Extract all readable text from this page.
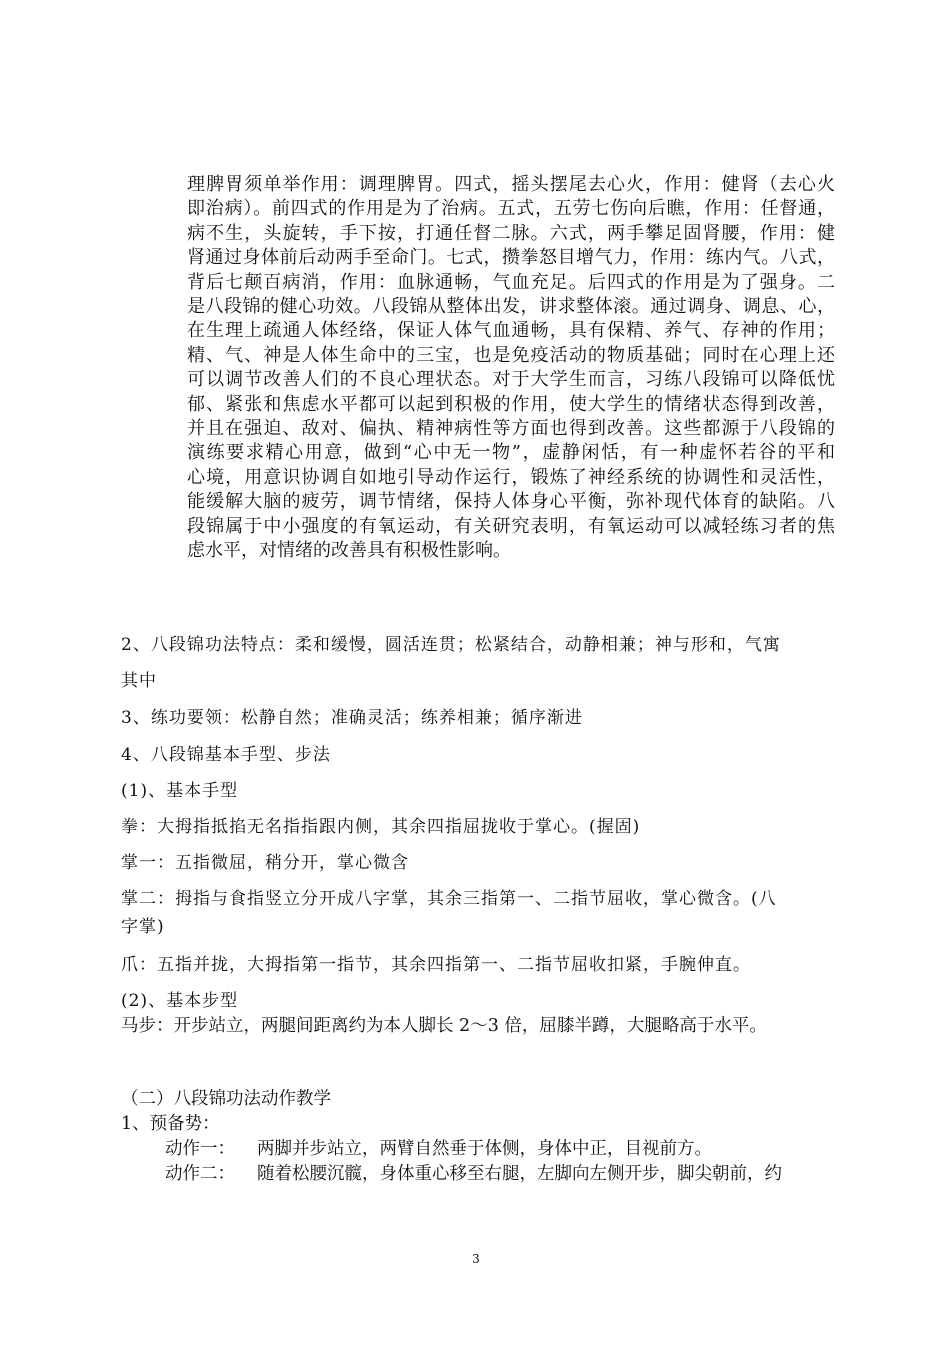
理脾胃须单举作用：调理脾胃。四式，摇头摆尾去心火，作用：健肾（去心火
即治病）。前四式的作用是为了治病。五式，五劳七伤向后瞧，作用：任督通，
病不生，头旋转，手下按，打通任督二脉。六式，两手攀足固肾腰，作用：健
肾通过身体前后动两手至命门。七式，攒拳怒目增气力，作用：练内气。八式，
背后七颠百病消，作用：血脉通畅，气血充足。后四式的作用是为了强身。二
是八段锦的健心功效。八段锦从整体出发，讲求整体滚。通过调身、调息、心，
在生理上疏通人体经络，保证人体气血通畅，具有保精、养气、存神的作用；
精、气、神是人体生命中的三宝，也是免疫活动的物质基础；同时在心理上还
可以调节改善人们的不良心理状态。对于大学生而言，习练八段锦可以降低忧
郁、紧张和焦虑水平都可以起到积极的作用，使大学生的情绪状态得到改善，
并且在强迫、敌对、偏执、精神病性等方面也得到改善。这些都源于八段锦的
演练要求精心用意，做到“心中无一物”，虚静闲恬，有一种虚怀若谷的平和
心境，用意识协调自如地引导动作运行，锻炼了神经系统的协调性和灵活性，
能缓解大脑的疲劳，调节情绪，保持人体身心平衡，弥补现代体育的缺陷。八
段锦属于中小强度的有氧运动，有关研究表明，有氧运动可以减轻练习者的焦
虑水平，对情绪的改善具有积极性影响。

2、八段锦功法特点：柔和缓慢，圆活连贯；松紧结合，动静相兼；神与形和，气寓

其中

3、练功要领：松静自然；准确灵活；练养相兼；循序渐进

4、八段锦基本手型、步法

(1)、基本手型

拳：大拇指抵掐无名指指跟内侧，其余四指屈拢收于掌心。(握固)

掌一：五指微屈，稍分开，掌心微含

掌二：拇指与食指竖立分开成八字掌，其余三指第一、二指节屈收，掌心微含。(八

字掌)

爪：五指并拢，大拇指第一指节，其余四指第一、二指节屈收扣紧，手腕伸直。

(2)、基本步型

马步：开步站立，两腿间距离约为本人脚长 2～3 倍，屈膝半蹲，大腿略高于水平。

（二）八段锦功法动作教学

1、预备势：

动作一： 两脚并步站立，两臂自然垂于体侧，身体中正，目视前方。

动作二： 随着松腰沉髋，身体重心移至右腿，左脚向左侧开步，脚尖朝前，约

3
